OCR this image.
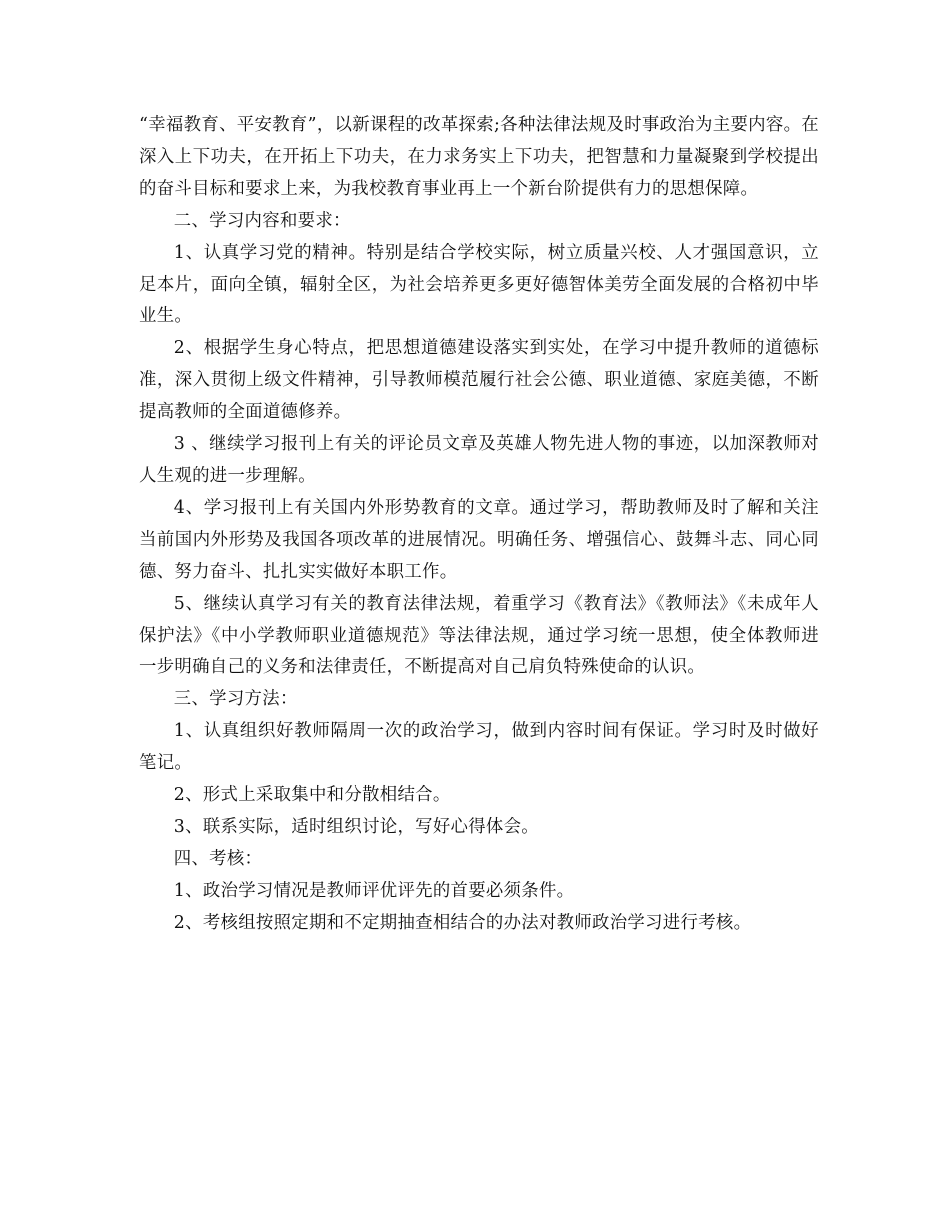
“幸福教育、平安教育”，以新课程的改革探索;各种法律法规及时事政治为主要内容。在深入上下功夫，在开拓上下功夫，在力求务实上下功夫，把智慧和力量凝聚到学校提出的奋斗目标和要求上来，为我校教育事业再上一个新台阶提供有力的思想保障。

二、学习内容和要求：

1、认真学习党的精神。特别是结合学校实际，树立质量兴校、人才强国意识，立足本片，面向全镇，辐射全区，为社会培养更多更好德智体美劳全面发展的合格初中毕业生。

2、根据学生身心特点，把思想道德建设落实到实处，在学习中提升教师的道德标准，深入贯彻上级文件精神，引导教师模范履行社会公德、职业道德、家庭美德，不断提高教师的全面道德修养。

3 、继续学习报刊上有关的评论员文章及英雄人物先进人物的事迹，以加深教师对人生观的进一步理解。

4、学习报刊上有关国内外形势教育的文章。通过学习，帮助教师及时了解和关注当前国内外形势及我国各项改革的进展情况。明确任务、增强信心、鼓舞斗志、同心同德、努力奋斗、扎扎实实做好本职工作。

5、继续认真学习有关的教育法律法规，着重学习《教育法》《教师法》《未成年人保护法》《中小学教师职业道德规范》等法律法规，通过学习统一思想，使全体教师进一步明确自己的义务和法律责任，不断提高对自己肩负特殊使命的认识。

三、学习方法：

1、认真组织好教师隔周一次的政治学习，做到内容时间有保证。学习时及时做好笔记。

2、形式上采取集中和分散相结合。

3、联系实际，适时组织讨论，写好心得体会。

四、考核：

1、政治学习情况是教师评优评先的首要必须条件。

2、考核组按照定期和不定期抽查相结合的办法对教师政治学习进行考核。
